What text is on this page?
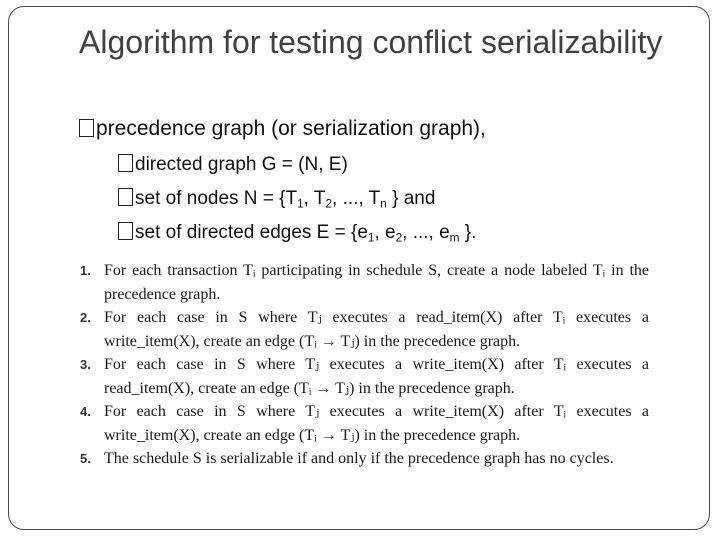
Algorithm for testing conflict serializability
precedence graph (or serialization graph),
directed graph G = (N, E)
set of nodes $N = \{T_1$, $T_2$, ..., $T_n$ } and
set of directed edges $E = \{e_1$, $e_2$, ..., $e_m$ }.
1. For each transaction Tᵢ participating in schedule S, create a node labeled Tᵢ in the precedence graph.
2. For each case in S where Tⱼ executes a read_item(X) after Tᵢ executes a write_item(X), create an edge (Tᵢ → Tⱼ) in the precedence graph.
3. For each case in S where Tⱼ executes a write_item(X) after Tᵢ executes a read_item(X), create an edge (Tᵢ → Tⱼ) in the precedence graph.
4. For each case in S where Tⱼ executes a write_item(X) after Tᵢ executes a write_item(X), create an edge (Tᵢ → Tⱼ) in the precedence graph.
5. The schedule S is serializable if and only if the precedence graph has no cycles.
